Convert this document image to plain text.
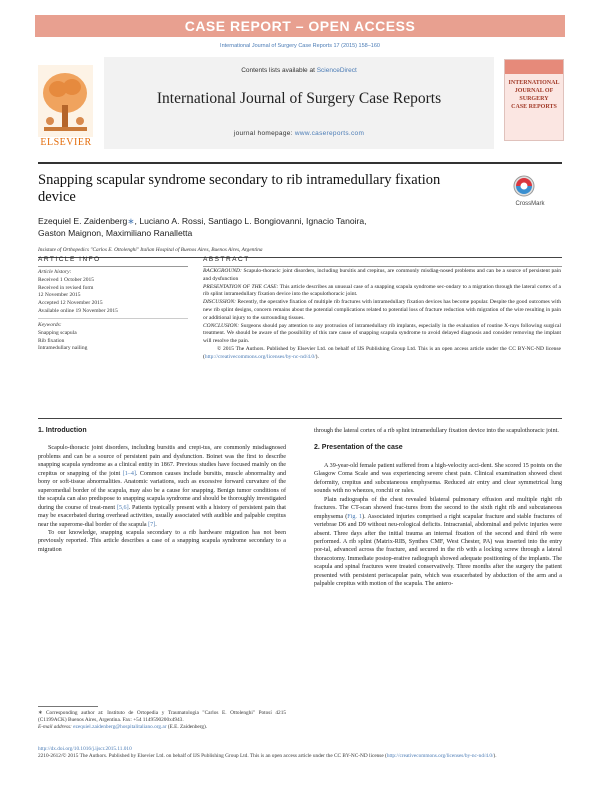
CASE REPORT – OPEN ACCESS
International Journal of Surgery Case Reports 17 (2015) 158–160
ELSEVIER
Contents lists available at ScienceDirect
International Journal of Surgery Case Reports
journal homepage: www.casereports.com
INTERNATIONAL
JOURNAL OF
SURGERY
CASE REPORTS
Snapping scapular syndrome secondary to rib intramedullary fixation device	CrossMark
Ezequiel E. Zaidenberg∗, Luciano A. Rossi, Santiago L. Bongiovanni, Ignacio Tanoira,
Gaston Maignon, Maximiliano Ranalletta
Insistute of Orthopedics "Carlos E. Ottolenghi" Italian Hospital of Buenos Aires, Buenos Aires, Argentina
ARTICLE INFO	ABSTRACT
Article history:
Received 1 October 2015
Received in revised form
12 November 2015
Accepted 12 November 2015
Available online 19 November 2015
Keywords:
Snapping scapula
Rib fixation
Intramedullary nailing

BACKGROUND: Scapulo-thoracic joint disorders, including bursitis and crepitus, are commonly misdiag-nosed problems and can be a source of persistent pain and dysfunction

PRESENTATION OF THE CASE: This article describes an unusual case of a snapping scapula syndrome sec-ondary to a migration through the lateral cortex of a rib splint intramedullary fixation device into the scapulothoracic joint.

DISCUSSION: Recently, the operative fixation of multiple rib fractures with intramedullary fixation devices has become popular. Despite the good outcomes with new rib splint designs, concern remains about the potential complications related to potential loss of fracture reduction with migration of the wire resulting in pain or additional injury to the surrounding tissues.

CONCLUSION: Surgeons should pay attention to any protrusion of intramedullary rib implants, especially in the evaluation of routine X-rays following surgical treatment. We should be aware of the possibility of this rare cause of snapping scapula syndrome to avoid delayed diagnosis and consider removing the implant will resolve the pain.

© 2015 The Authors. Published by Elsevier Ltd. on behalf of IJS Publishing Group Ltd. This is an open access article under the CC BY-NC-ND license (http://creativecommons.org/licenses/by-nc-nd/4.0/).

1. Introduction

Scapulo-thoracic joint disorders, including bursitis and crepi-tus, are commonly misdiagnosed problems and can be a source of persistent pain and dysfunction. Boinet was the first to describe snapping scapula syndrome as a clinical entity in 1867. Previous studies have focused mainly on the crepitus or snapping of the joint [1–4]. Common causes include bursitis, muscle abnormality and bony or soft-tissue abnormalities. Anatomic variations, such as excessive forward curvature of the superomedial border of the scapula, may also be a cause for snapping. Benign tumor conditions of the scapula can also predispose to snapping scapula syndrome and should be thoroughly investigated during the course of treat-ment [5,6]. Patients typically present with a history of persistent pain that may be exacerbated during overhead activities, usually associated with audible and palpable crepitus near the superome-dial border of the scapula [7].

To our knowledge, snapping scapula secondary to a rib hardware migration has not been previously reported. This article describes a case of a snapping scapula syndrome secondary to a migration

through the lateral cortex of a rib splint intramedullary fixation device into the scapulothoracic joint.

2. Presentation of the case

A 39-year-old female patient suffered from a high-velocity acci-dent. She scored 15 points on the Glasgow Coma Scale and was experiencing severe chest pain. Clinical examination showed chest deformity, crepitus and subcutaneous emphysema. Reduced air entry and clear symmetrical lung sounds with no wheezes, ronchii or rales.

Plain radiographs of the chest revealed bilateral pulmonary effusion and multiple right rib fractures. The CT-scan showed frac-tures from the second to the sixth right rib and subcutaneous emphysema (Fig. 1). Associated injuries comprised a right scapular fracture and stable fractures of vertebrae D6 and D9 without neu-rological deficits. Intracranial, abdominal and pelvic injuries were absent. Three days after the initial trauma an internal fixation of the second and third rib were performed. A rib splint (Matrix-RIB, Synthes CMF, West Chester, PA) was inserted into the entry por-tal, advanced across the fracture, and secured in the rib with a locking screw through a lateral thoracotomy. Immediate postop-erative radiograph showed adequate positioning of the implants. The scapula and spinal fractures were treated conservatively. Three months after the surgery the patient presented with persistent periscapular pain, which was exacerbated by abduction of the arm and a palpable crepitus with motion of the scapula. The antero-

∗ Corresponding author at: Instituto de Ortopedia y Traumatologia "Carlos E. Ottolenghi" Potosí 4215 (C1199ACK) Buenos Aires, Argentina. Fax: +54 1149590200x4943.

E-mail address: ezequiel.zaidenberg@hospitalitaliano.org.ar (E.E. Zaidenberg).

http://dx.doi.org/10.1016/j.ijscr.2015.11.010

2210-2612/© 2015 The Authors. Published by Elsevier Ltd. on behalf of IJS Publishing Group Ltd. This is an open access article under the CC BY-NC-ND license (http://creativecommons.org/licenses/by-nc-nd/4.0/).
